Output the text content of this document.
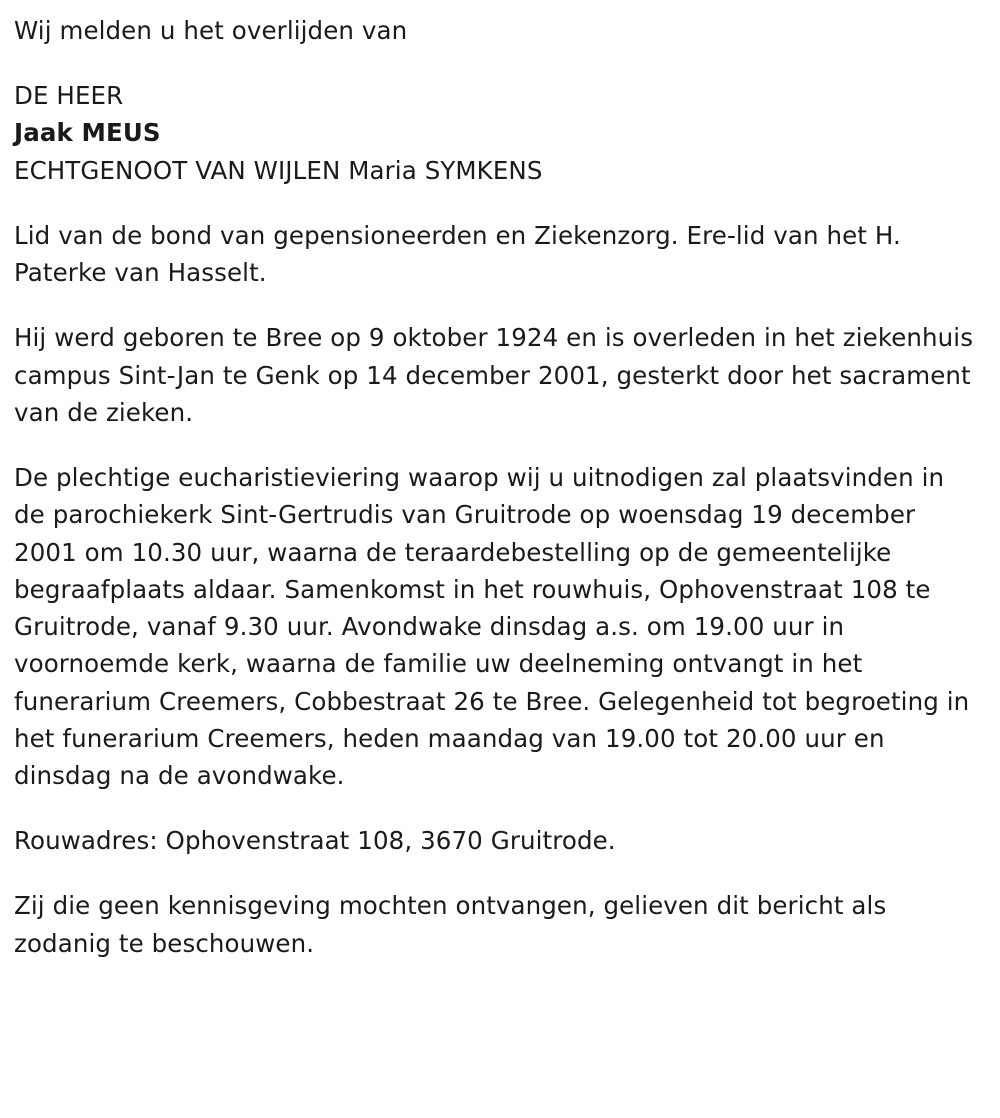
Wij melden u het overlijden van

DE HEER

Jaak MEUS

ECHTGENOOT VAN WIJLEN Maria SYMKENS

Lid van de bond van gepensioneerden en Ziekenzorg. Ere-lid van het H. Paterke van Hasselt.

Hij werd geboren te Bree op 9 oktober 1924 en is overleden in het ziekenhuis campus Sint-Jan te Genk op 14 december 2001, gesterkt door het sacrament van de zieken.

De plechtige eucharistieviering waarop wij u uitnodigen zal plaatsvinden in de parochiekerk Sint-Gertrudis van Gruitrode op woensdag 19 december 2001 om 10.30 uur, waarna de teraardebestelling op de gemeentelijke begraafplaats aldaar. Samenkomst in het rouwhuis, Ophovenstraat 108 te Gruitrode, vanaf 9.30 uur. Avondwake dinsdag a.s. om 19.00 uur in voornoemde kerk, waarna de familie uw deelneming ontvangt in het funerarium Creemers, Cobbestraat 26 te Bree. Gelegenheid tot begroeting in het funerarium Creemers, heden maandag van 19.00 tot 20.00 uur en dinsdag na de avondwake.

Rouwadres: Ophovenstraat 108, 3670 Gruitrode.

Zij die geen kennisgeving mochten ontvangen, gelieven dit bericht als zodanig te beschouwen.
